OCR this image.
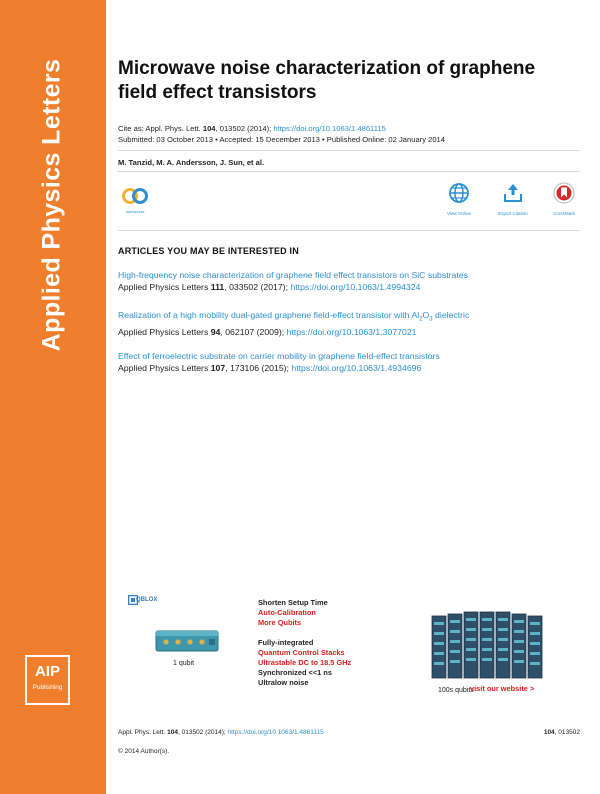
Applied Physics Letters
AIP
Publishing
Microwave noise characterization of graphene field effect transistors
Cite as: Appl. Phys. Lett. 104, 013502 (2014); https://doi.org/10.1063/1.4861115
Submitted: 03 October 2013 • Accepted: 15 December 2013 • Published Online: 02 January 2014
M. Tanzid, M. A. Andersson, J. Sun, et al.
openaccess	View Online	Export Citation	CrossMark
ARTICLES YOU MAY BE INTERESTED IN
High-frequency noise characterization of graphene field effect transistors on SiC substrates
Applied Physics Letters 111, 033502 (2017); https://doi.org/10.1063/1.4994324
Realization of a high mobility dual-gated graphene field-effect transistor with $Al_2O_3$ dielectric
Applied Physics Letters 94, 062107 (2009); https://doi.org/10.1063/1.3077021
Effect of ferroelectric substrate on carrier mobility in graphene field-effect transistors
Applied Physics Letters 107, 173106 (2015); https://doi.org/10.1063/1.4934696
QBLOX
1 qubit
Shorten Setup Time
Auto-Calibration
More Qubits
Fully-integrated
Quantum Control Stacks
Ultrastable DC to 18.5 GHz
Synchronized <<1 ns
Ultralow noise
100s qubits
visit our website >
Appl. Phys. Lett. 104, 013502 (2014); https://doi.org/10.1063/1.4861115	104, 013502
© 2014 Author(s).
